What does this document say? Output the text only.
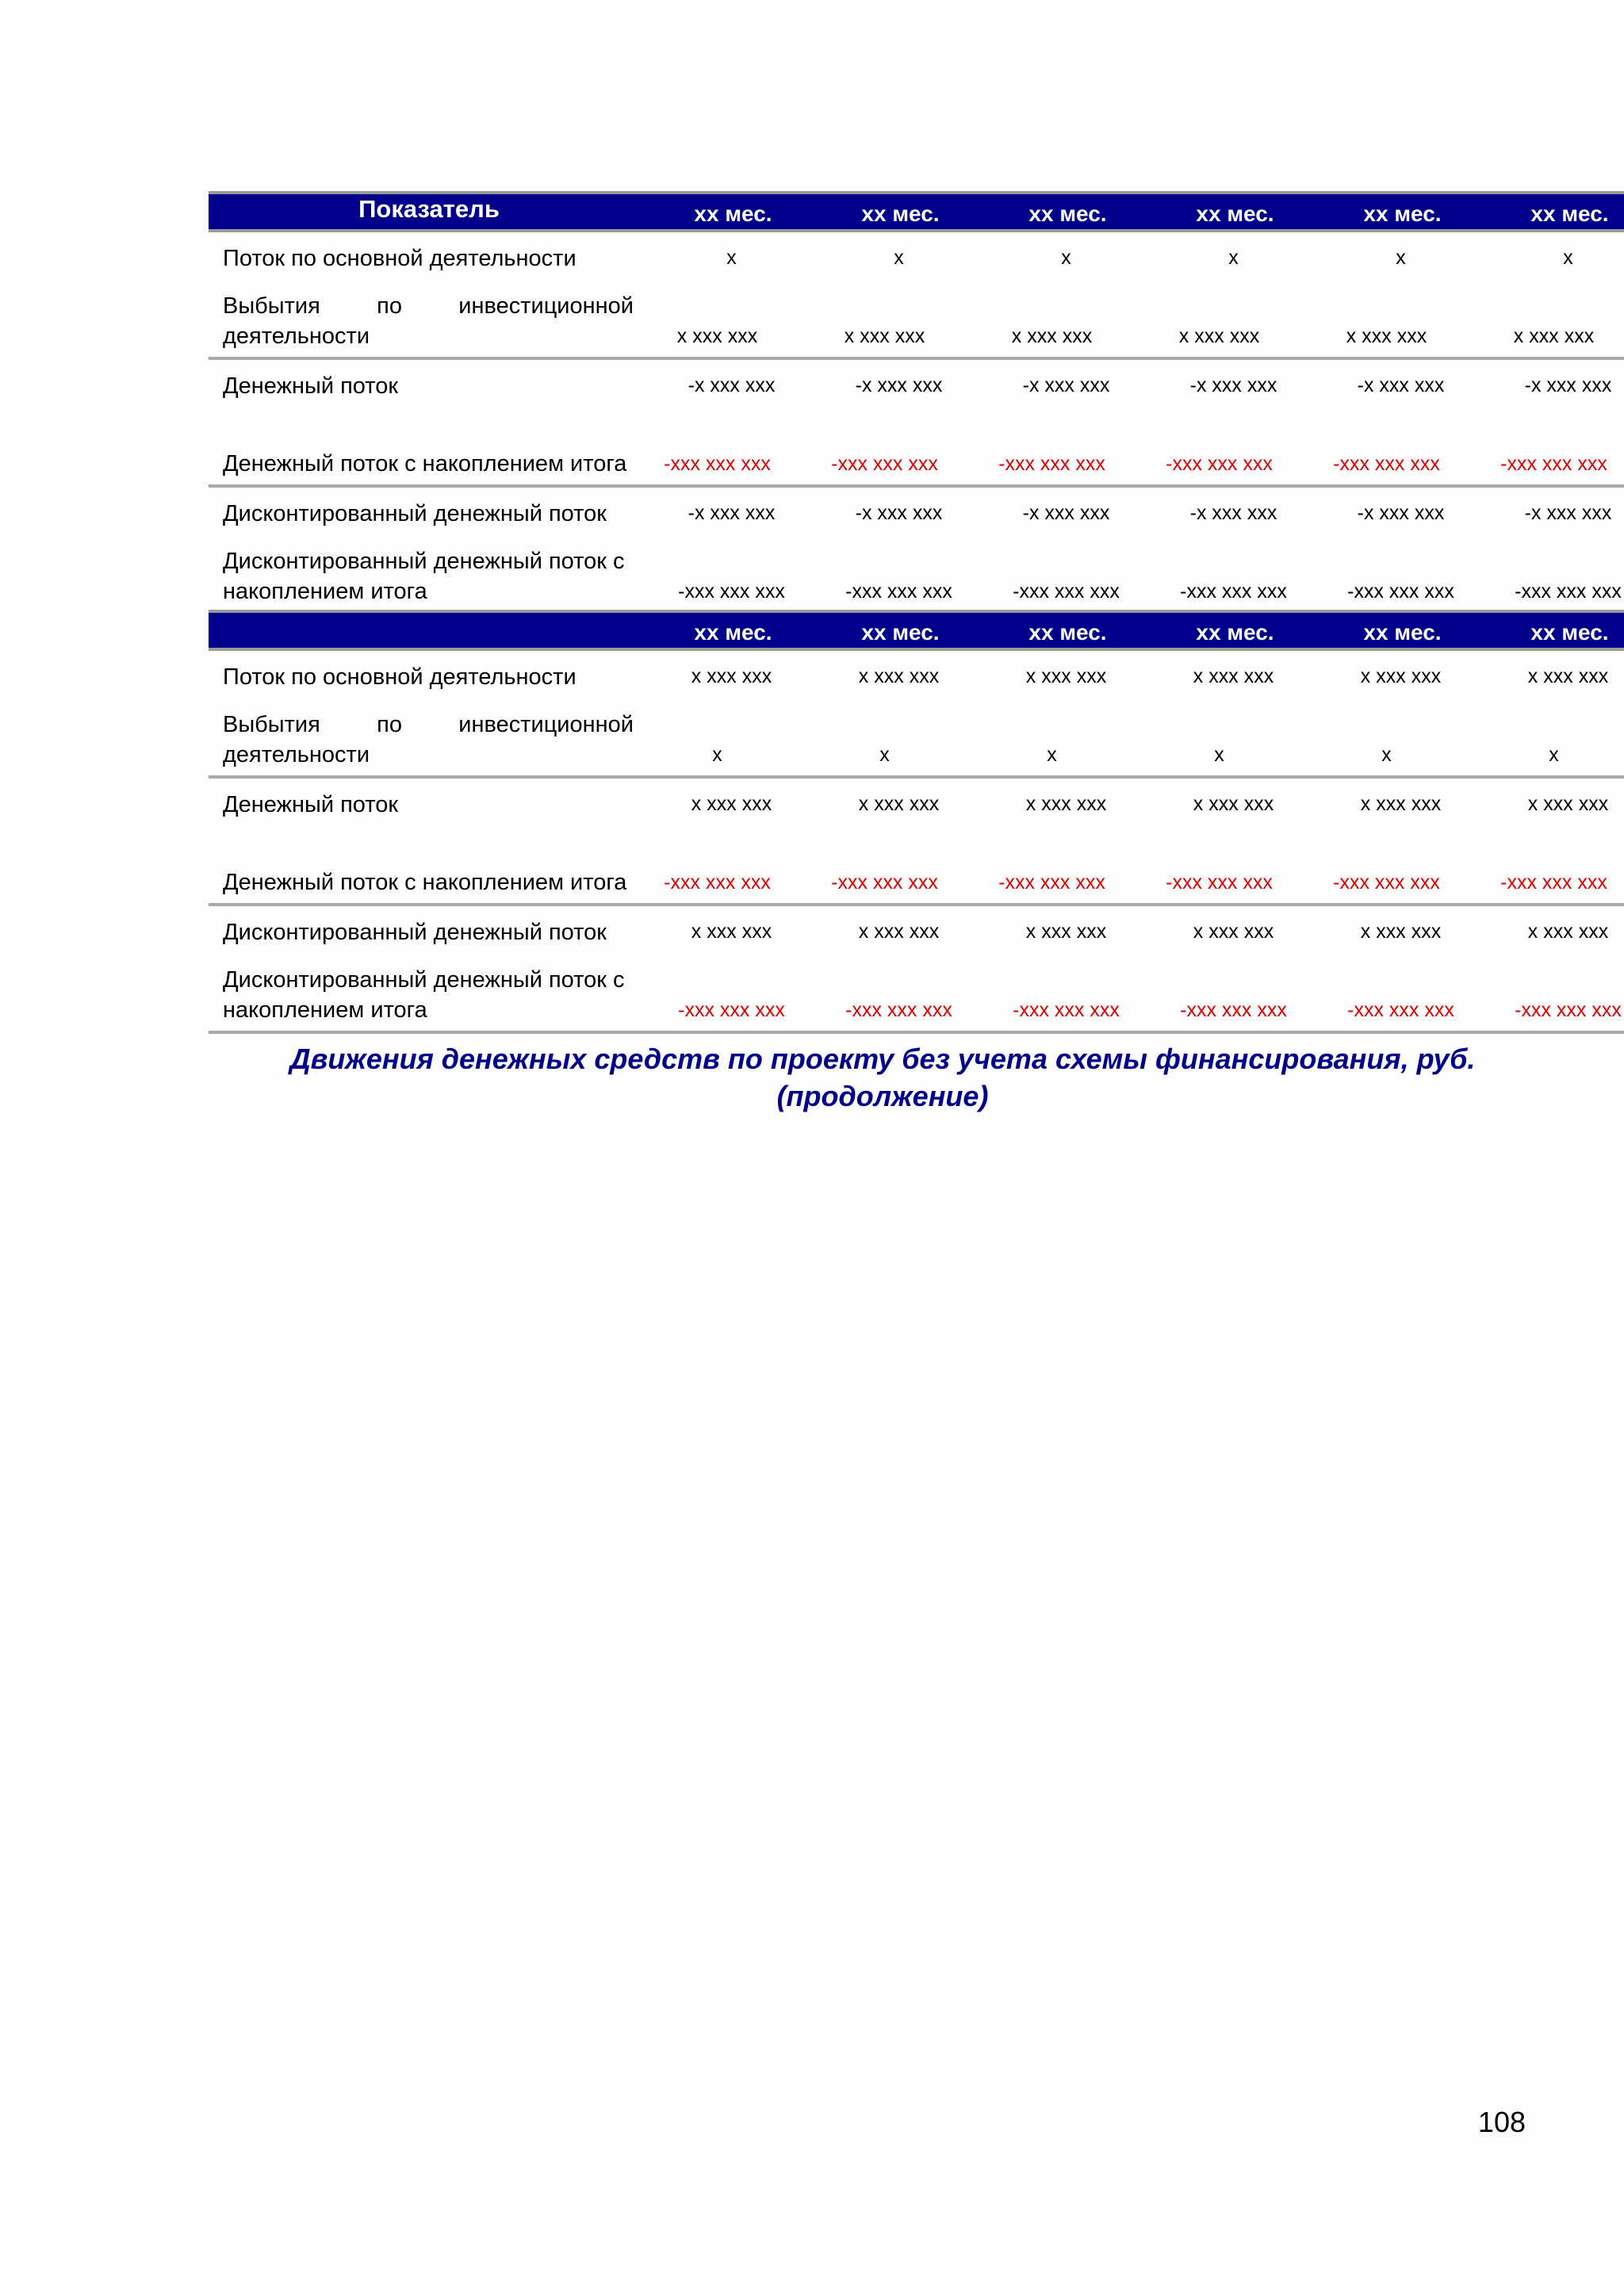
Показатель	хх мес.	хх мес.	хх мес.	хх мес.	хх мес.	хх мес.
Поток по основной деятельности	х	х	х	х	х	х
Выбытия по инвестиционной деятельности	х ххх ххх	х ххх ххх	х ххх ххх	х ххх ххх	х ххх ххх	х ххх ххх
Денежный поток	-х ххх ххх	-х ххх ххх	-х ххх ххх	-х ххх ххх	-х ххх ххх	-х ххх ххх
Денежный поток с накоплением итога	-ххх ххх ххх	-ххх ххх ххх	-ххх ххх ххх	-ххх ххх ххх	-ххх ххх ххх	-ххх ххх ххх
Дисконтированный денежный поток	-х ххх ххх	-х ххх ххх	-х ххх ххх	-х ххх ххх	-х ххх ххх	-х ххх ххх
Дисконтированный денежный поток с накоплением итога	-ххх ххх ххх	-ххх ххх ххх	-ххх ххх ххх	-ххх ххх ххх	-ххх ххх ххх	-ххх ххх ххх
хх мес.	хх мес.	хх мес.	хх мес.	хх мес.	хх мес.
Поток по основной деятельности	х ххх ххх	х ххх ххх	х ххх ххх	х ххх ххх	х ххх ххх	х ххх ххх
Выбытия по инвестиционной деятельности	х	х	х	х	х	х
Денежный поток	х ххх ххх	х ххх ххх	х ххх ххх	х ххх ххх	х ххх ххх	х ххх ххх
Денежный поток с накоплением итога	-ххх ххх ххх	-ххх ххх ххх	-ххх ххх ххх	-ххх ххх ххх	-ххх ххх ххх	-ххх ххх ххх
Дисконтированный денежный поток	х ххх ххх	х ххх ххх	х ххх ххх	х ххх ххх	х ххх ххх	х ххх ххх
Дисконтированный денежный поток с накоплением итога	-ххх ххх ххх	-ххх ххх ххх	-ххх ххх ххх	-ххх ххх ххх	-ххх ххх ххх	-ххх ххх ххх
Движения денежных средств по проекту без учета схемы финансирования, руб.
(продолжение)
108
